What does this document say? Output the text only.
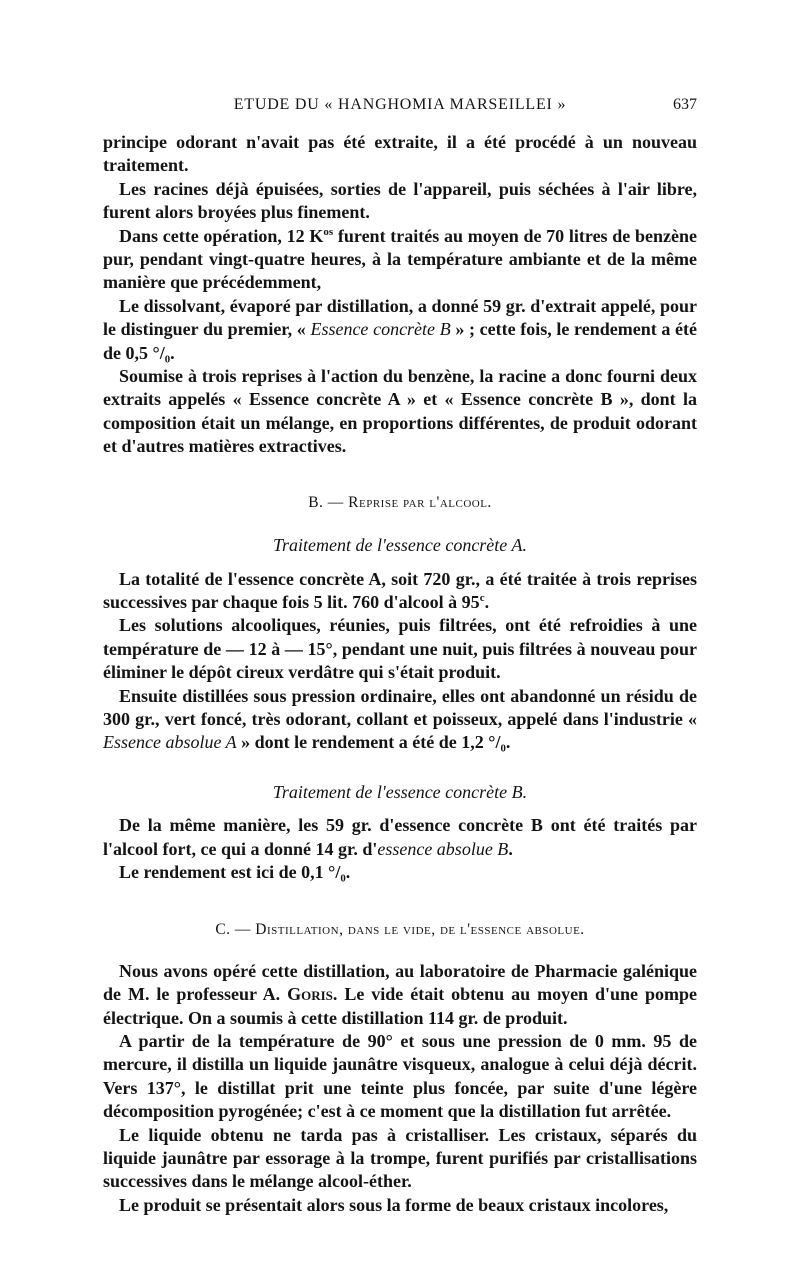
ETUDE DU « HANGHOMIA MARSEILLEI »	637

principe odorant n'avait pas été extraite, il a été procédé à un nouveau traitement.

Les racines déjà épuisées, sorties de l'appareil, puis séchées à l'air libre, furent alors broyées plus finement.

Dans cette opération, 12 $K^{os}$ furent traités au moyen de 70 litres de benzène pur, pendant vingt-quatre heures, à la température ambiante et de la même manière que précédemment,

Le dissolvant, évaporé par distillation, a donné 59 gr. d'extrait appelé, pour le distinguer du premier, « Essence concrète B » ; cette fois, le rendement a été de 0,5 °/₀.

Soumise à trois reprises à l'action du benzène, la racine a donc fourni deux extraits appelés « Essence concrète A » et « Essence concrète B », dont la composition était un mélange, en proportions différentes, de produit odorant et d'autres matières extractives.

B. — Reprise par l'alcool.

Traitement de l'essence concrète A.

La totalité de l'essence concrète A, soit 720 gr., a été traitée à trois reprises successives par chaque fois 5 lit. 760 d'alcool à 95$^c$.

Les solutions alcooliques, réunies, puis filtrées, ont été refroidies à une température de — 12 à — 15°, pendant une nuit, puis filtrées à nouveau pour éliminer le dépôt cireux verdâtre qui s'était produit.

Ensuite distillées sous pression ordinaire, elles ont abandonné un résidu de 300 gr., vert foncé, très odorant, collant et poisseux, appelé dans l'industrie « Essence absolue A » dont le rendement a été de 1,2 °/₀.

Traitement de l'essence concrète B.

De la même manière, les 59 gr. d'essence concrète B ont été traités par l'alcool fort, ce qui a donné 14 gr. d'essence absolue B.

Le rendement est ici de 0,1 °/₀.

C. — Distillation, dans le vide, de l'essence absolue.

Nous avons opéré cette distillation, au laboratoire de Pharmacie galénique de M. le professeur A. Goris. Le vide était obtenu au moyen d'une pompe électrique. On a soumis à cette distillation 114 gr. de produit.

A partir de la température de 90° et sous une pression de 0 mm. 95 de mercure, il distilla un liquide jaunâtre visqueux, analogue à celui déjà décrit. Vers 137°, le distillat prit une teinte plus foncée, par suite d'une légère décomposition pyrogénée; c'est à ce moment que la distillation fut arrêtée.

Le liquide obtenu ne tarda pas à cristalliser. Les cristaux, séparés du liquide jaunâtre par essorage à la trompe, furent purifiés par cristallisations successives dans le mélange alcool-éther.

Le produit se présentait alors sous la forme de beaux cristaux incolores,
